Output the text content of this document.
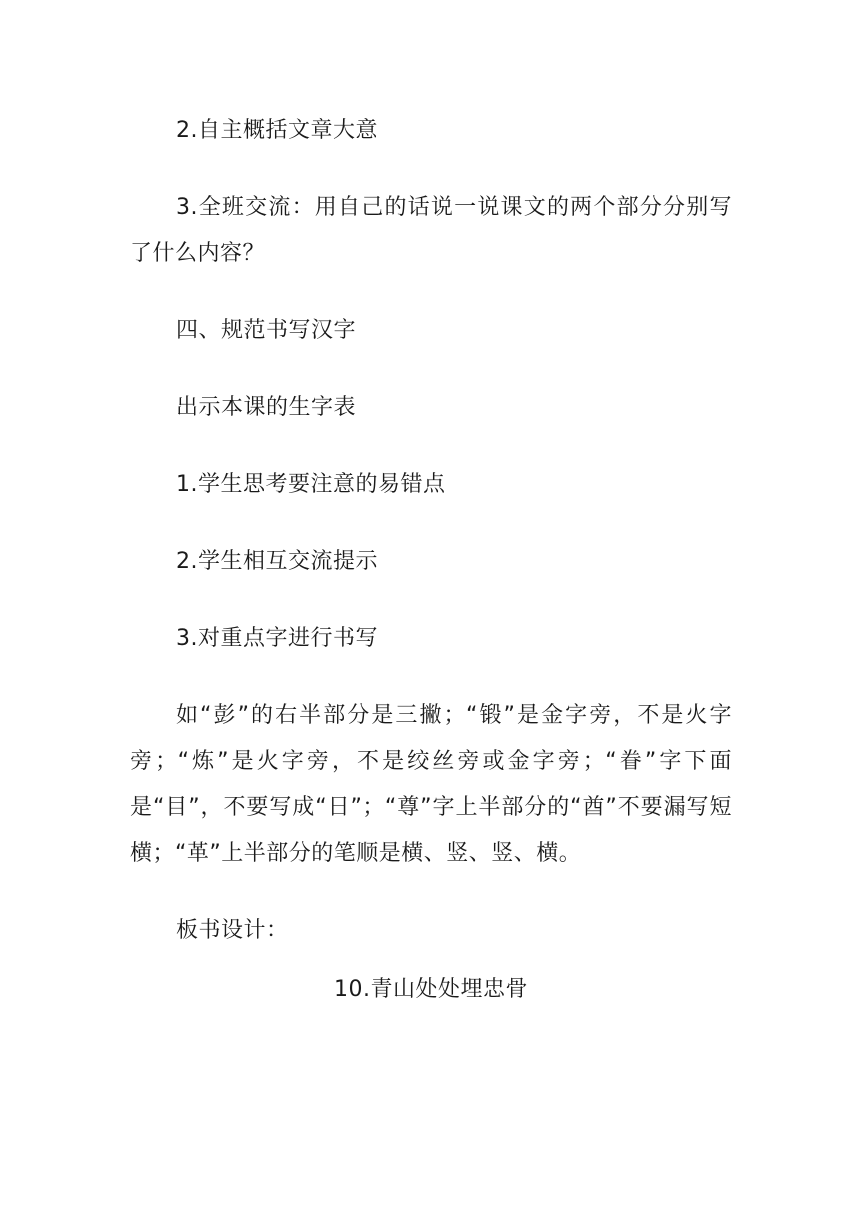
2.自主概括文章大意

3.全班交流：用自己的话说一说课文的两个部分分别写了什么内容？

四、规范书写汉字

出示本课的生字表

1.学生思考要注意的易错点

2.学生相互交流提示

3.对重点字进行书写

如“彭”的右半部分是三撇；“锻”是金字旁，不是火字旁；“炼”是火字旁，不是绞丝旁或金字旁；“眷”字下面是“目”，不要写成“日”；“尊”字上半部分的“酋”不要漏写短横；“革”上半部分的笔顺是横、竖、竖、横。

板书设计：

10.青山处处埋忠骨
